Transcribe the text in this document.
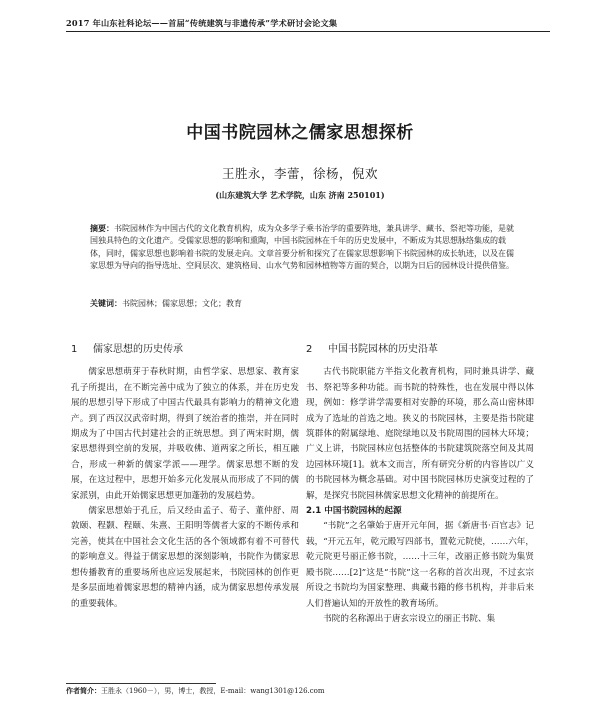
2017 年山东社科论坛——首届“传统建筑与非遗传承”学术研讨会论文集
中国书院园林之儒家思想探析
王胜永，李蕾，徐杨，倪欢
(山东建筑大学 艺术学院，山东 济南 250101)
摘要：书院园林作为中国古代的文化教育机构，成为众多学子乘书治学的重要阵地，兼具讲学、藏书、祭祀等功能，是就国独具特色的文化遗产。受儒家思想的影响和熏陶，中国书院园林在千年的历史发展中，不断成为其思想脉络集成的载体，同时，儒家思想也影响着书院的发展走向。文章首要分析和探究了在儒家思想影响下书院园林的成长轨迹，以及在儒家思想为导向的指导选址、空间层次、建筑格局、山水气势和园林植物等方面的契合，以期为日后的园林设计提供借鉴。
关键词：书院园林；儒家思想；文化；教育
1 儒家思想的历史传承

儒家思想萌芽于春秋时期，由哲学家、思想家、教育家孔子所提出，在不断完善中成为了独立的体系，并在历史发展的思想引导下形成了中国古代最具有影响力的精神文化遗产。到了西汉汉武帝时期，得到了统治者的推崇，并在同时期成为了中国古代封建社会的正统思想。到了两宋时期，儒家思想得到空前的发展，并吸收佛、道两家之所长，相互融合，形成一种新的儒家学派——理学。儒家思想不断的发展，在这过程中，思想开始多元化发展从而形成了不同的儒家派别，由此开始儒家思想更加蓬勃的发展趋势。

儒家思想始于孔丘，后又经由孟子、荀子、董仲舒、周敦颐、程颢、程颐、朱熹、王阳明等儒者大家的不断传承和完善，使其在中国社会文化生活的各个领域都有着不可替代的影响意义。得益于儒家思想的深刻影响，书院作为儒家思想传播教育的重要场所也应运发展起来，书院园林的创作更是多层面地着儒家思想的精神内涵，成为儒家思想传承发展的重要载体。

2 中国书院园林的历史沿革

古代书院职能方半指文化教育机构，同时兼具讲学、藏书、祭祀等多种功能。而书院的特殊性，也在发展中得以体现，例如：修学讲学需要相对安静的环境，那么高山密林即成为了选址的首选之地。狭义的书院园林，主要是指书院建筑群体的附属绿地、庭院绿地以及书院周围的园林大环境；广义上讲，书院园林应包括整体的书院建筑院落空间及其周边园林环境[1]。就本文而言，所有研究分析的内容皆以广义的书院园林为概念基础。对中国书院园林历史演变过程的了解，是探究书院园林儒家思想文化精神的前提所在。

2.1 中国书院园林的起源

“书院”之名肇始于唐开元年间，据《新唐书·百官志》记载，“开元五年，乾元殿写四部书，置乾元院使，……六年，乾元院更号丽正修书院，……十三年，改丽正修书院为集贤殿书院……[2]”这是“书院”这一名称的首次出现，不过玄宗所设之书院均为国家整理、典藏书籍的修书机构，并非后来人们普遍认知的开放性的教育场所。

书院的名称源出于唐玄宗设立的丽正书院、集

作者简介：王胜永（1960－），男，博士，教授，E-mail：wang1301@126.com
